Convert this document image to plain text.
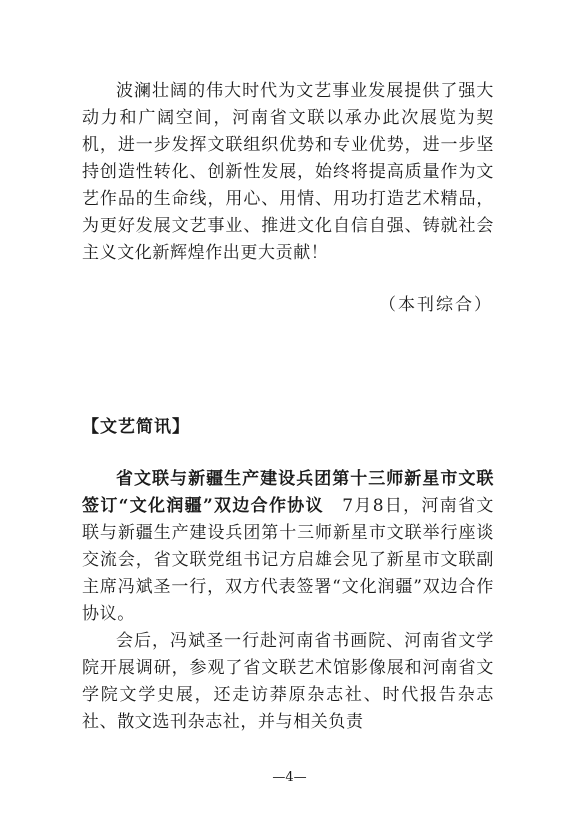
波澜壮阔的伟大时代为文艺事业发展提供了强大动力和广阔空间，河南省文联以承办此次展览为契机，进一步发挥文联组织优势和专业优势，进一步坚持创造性转化、创新性发展，始终将提高质量作为文艺作品的生命线，用心、用情、用功打造艺术精品，为更好发展文艺事业、推进文化自信自强、铸就社会主义文化新辉煌作出更大贡献！

（本刊综合）

【文艺简讯】

省文联与新疆生产建设兵团第十三师新星市文联签订“文化润疆”双边合作协议　7月8日，河南省文联与新疆生产建设兵团第十三师新星市文联举行座谈交流会，省文联党组书记方启雄会见了新星市文联副主席冯斌圣一行，双方代表签署“文化润疆”双边合作协议。

会后，冯斌圣一行赴河南省书画院、河南省文学院开展调研，参观了省文联艺术馆影像展和河南省文学院文学史展，还走访莽原杂志社、时代报告杂志社、散文选刊杂志社，并与相关负责

—4—
